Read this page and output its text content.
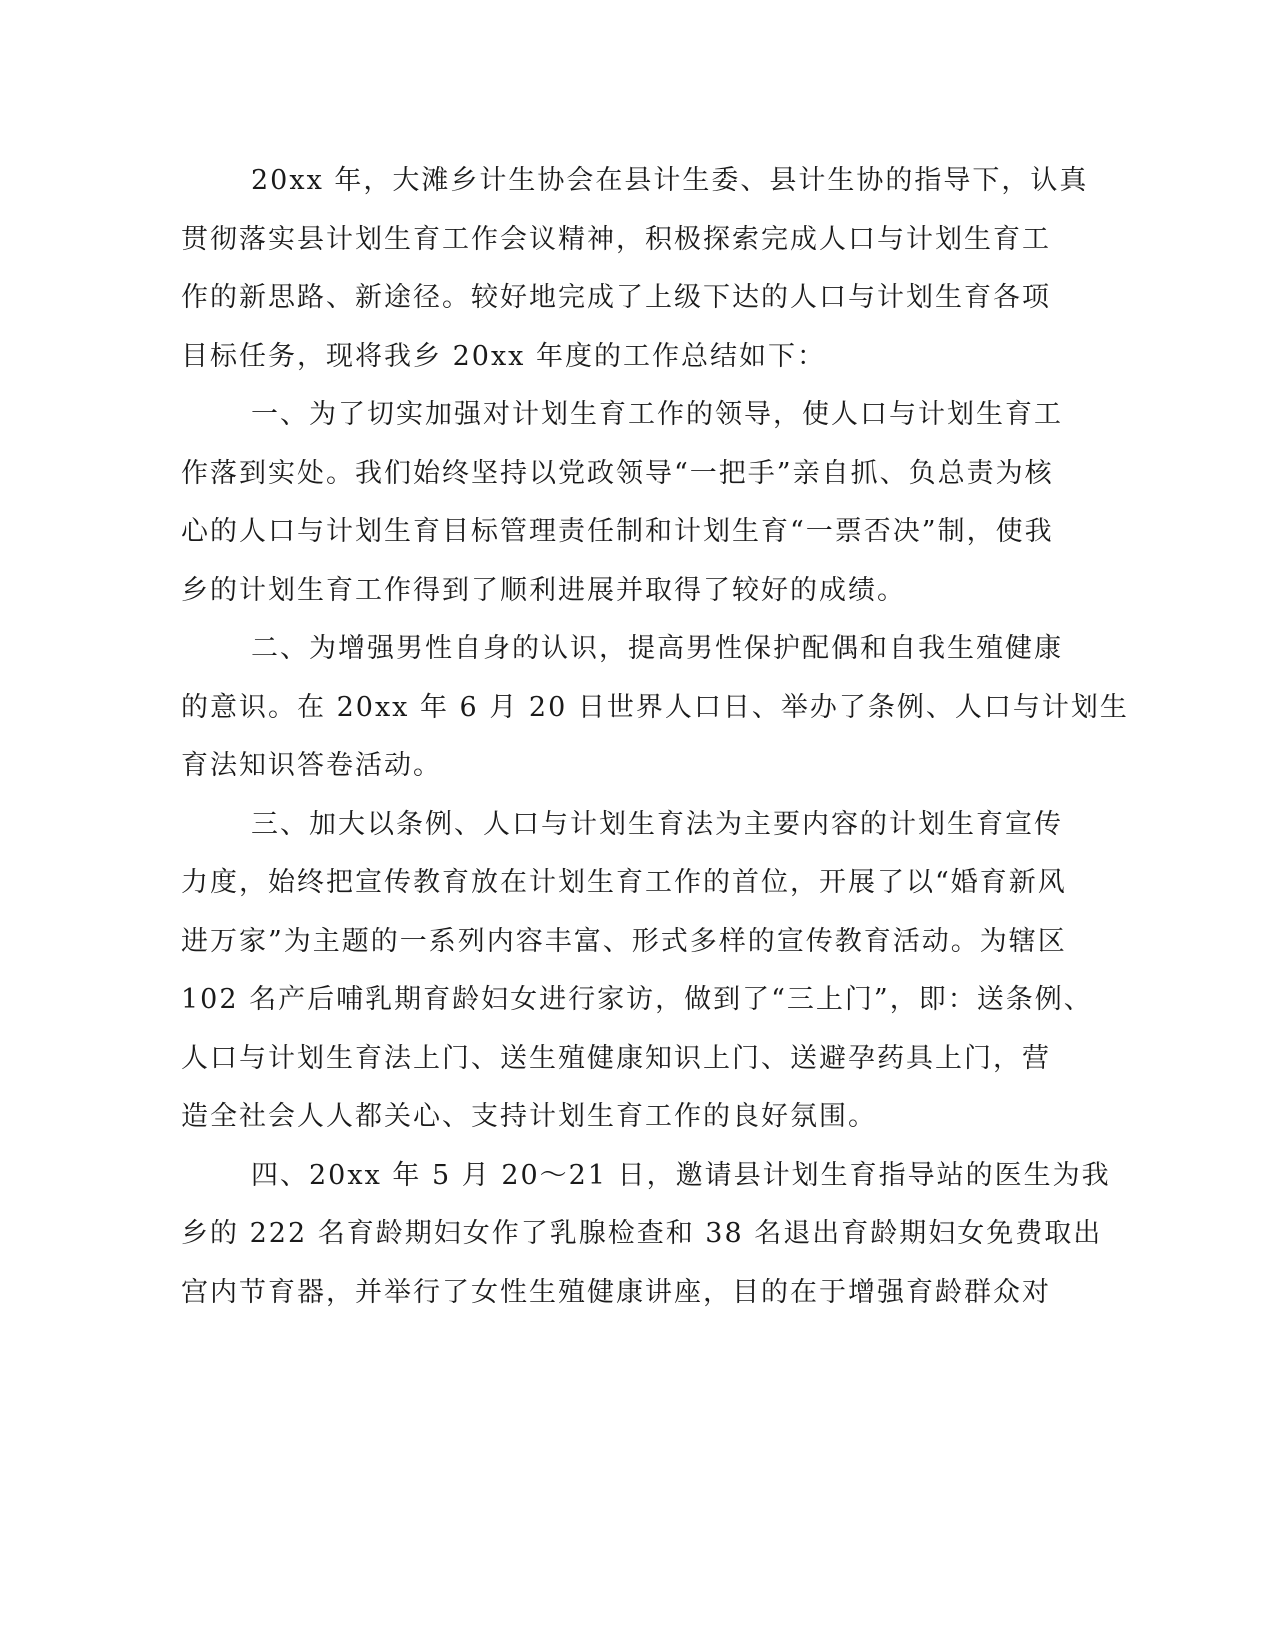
20xx 年，大滩乡计生协会在县计生委、县计生协的指导下，认真
贯彻落实县计划生育工作会议精神，积极探索完成人口与计划生育工
作的新思路、新途径。较好地完成了上级下达的人口与计划生育各项
目标任务，现将我乡 20xx 年度的工作总结如下：

一、为了切实加强对计划生育工作的领导，使人口与计划生育工
作落到实处。我们始终坚持以党政领导“一把手”亲自抓、负总责为核
心的人口与计划生育目标管理责任制和计划生育“一票否决”制，使我
乡的计划生育工作得到了顺利进展并取得了较好的成绩。

二、为增强男性自身的认识，提高男性保护配偶和自我生殖健康
的意识。在 20xx 年 6 月 20 日世界人口日、举办了条例、人口与计划生
育法知识答卷活动。

三、加大以条例、人口与计划生育法为主要内容的计划生育宣传
力度，始终把宣传教育放在计划生育工作的首位，开展了以“婚育新风
进万家”为主题的一系列内容丰富、形式多样的宣传教育活动。为辖区
102 名产后哺乳期育龄妇女进行家访，做到了“三上门”，即：送条例、
人口与计划生育法上门、送生殖健康知识上门、送避孕药具上门，营
造全社会人人都关心、支持计划生育工作的良好氛围。

四、20xx 年 5 月 20～21 日，邀请县计划生育指导站的医生为我
乡的 222 名育龄期妇女作了乳腺检查和 38 名退出育龄期妇女免费取出
宫内节育器，并举行了女性生殖健康讲座，目的在于增强育龄群众对
